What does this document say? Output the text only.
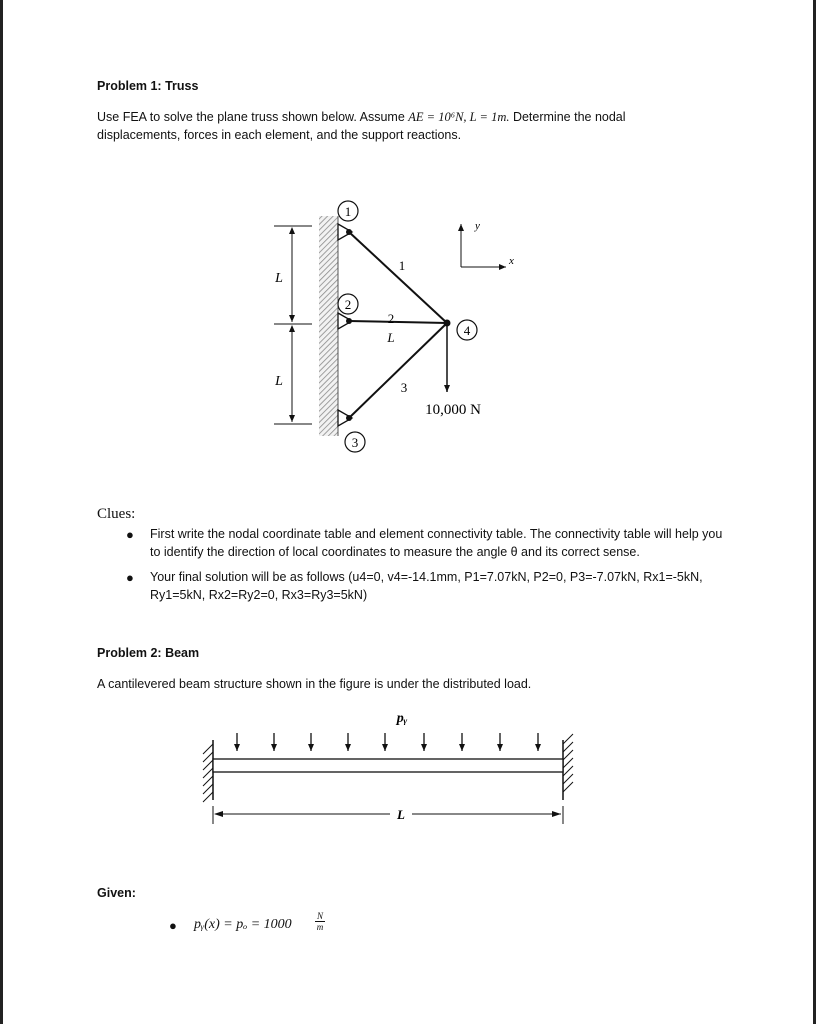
Problem 1: Truss
Use FEA to solve the plane truss shown below. Assume AE = 10⁶N, L = 1m. Determine the nodal
displacements, forces in each element, and the support reactions.
1
2
3
4
1
2
L
3
L
L
10,000 N
y
x
Clues:
● First write the nodal coordinate table and element connectivity table. The connectivity table will help you to identify the direction of local coordinates to measure the angle θ and its correct sense.
● Your final solution will be as follows (u4=0, v4=-14.1mm, P1=7.07kN, P2=0, P3=-7.07kN, Rx1=-5kN, Ry1=5kN, Rx2=Ry2=0, Rx3=Ry3=5kN)
Problem 2: Beam
A cantilevered beam structure shown in the figure is under the distributed load.
pᵧ
L
Given:
● pᵧ(x) = pₒ = 1000
N
m
